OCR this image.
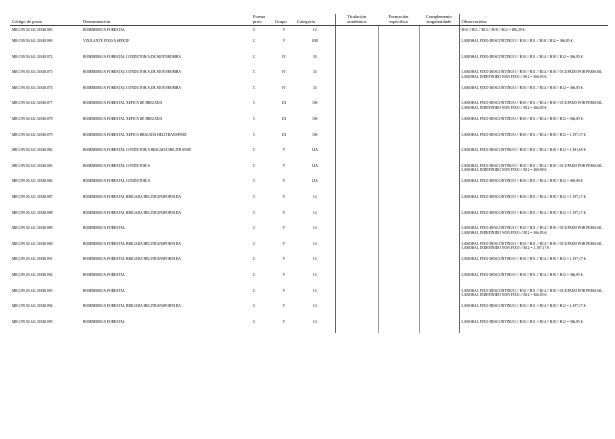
Código de posto	Denominación	Forma prov.	Grupo	Categoría	Titulación académica	Formación específica	Complemento singularidade	Observacións
MR.C99.50.141.31848.065	BOMBEIRO/A FORESTAL	C	V	14				B10 // B11 // B14 // B18 // B12 = 486,29 €.
MR.C99.50.141.31848.069	VIXILANTE FIXO/A SPDCIF	C	V	10B				LABORAL FIXO-DESCONTINUO // B10 // B11 // B18 // B12 = 366,85 €.
MR.C99.50.141.31848.072	BOMBEIRO/A FORESTAL CONDUTOR/A DE MOTOBOMBA	C	IV	33				LABORAL FIXO-DESCONTINUO // B10 // B11 // B14 // B18 // B12 = 366,85 €.
MR.C99.50.141.31848.073	BOMBEIRO/A FORESTAL CONDUTOR/A DE MOTOBOMBA	C	IV	33				LABORAL FIXO-DESCONTINUO // B10 // B11 // B14 // B18 // OCUPADO POR PERSOAL LABORAL INDEFINIDO NON FIXO // B12 = 366,85 €.
MR.C99.50.141.31848.074	BOMBEIRO/A FORESTAL CONDUTOR/A DE MOTOBOMBA	C	IV	33				LABORAL FIXO-DESCONTINUO // B10 // B11 // B14 // B18 // B12 = 366,85 €.
MR.C99.50.141.31848.077	BOMBEIRO/A FORESTAL XEFE/A DE BRIGADA	C	III	100				LABORAL FIXO-DESCONTINUO // B10 // B11 // B14 // B18 // OCUPADO POR PERSOAL LABORAL INDEFINIDO NON FIXO // B12 = 366,85 €.
MR.C99.50.141.31848.078	BOMBEIRO/A FORESTAL XEFE/A DE BRIGADA	C	III	100				LABORAL FIXO-DESCONTINUO // B10 // B11 // B14 // B18 // B12 = 366,85 €.
MR.C99.50.141.31848.079	BOMBEIRO/A FORESTAL XEFE/A BRIGADA HELITRANSPORT.	C	III	100				LABORAL FIXO-DESCONTINUO // B10 // B11 // B14 // B18 // B12 = 1.197,17 €.
MR.C99.50.141.31848.082	BOMBEIRO/A FORESTAL CONDUTOR/A BRIGADA HELITRANSF.	C	V	14A				LABORAL FIXO-DESCONTINUO // B10 // B11 // B14 // B18 // B12 = 1.381,65 €.
MR.C99.50.141.31848.083	BOMBEIRO/A FORESTAL CONDUTOR/A	C	V	14A				LABORAL FIXO-DESCONTINUO // B10 // B11 // B14 // B18 // OCUPADO POR PERSOAL LABORAL INDEFINIDO NON FIXO // B12 = 469,80 €.
MR.C99.50.141.31848.084	BOMBEIRO/A FORESTAL CONDUTOR/A	C	V	14A				LABORAL FIXO-DESCONTINUO // B10 // B11 // B14 // B18 // B12 = 469,80 €.
MR.C99.50.141.31848.087	BOMBEIRO/A FORESTAL BRIGADA HELITRANSPORTADA	C	V	14				LABORAL FIXO-DESCONTINUO // B10 // B11 // B14 // B18 // B12 = 1.197,17 €.
MR.C99.50.141.31848.088	BOMBEIRO/A FORESTAL BRIGADA HELITRANSPORTADA	C	V	14				LABORAL FIXO-DESCONTINUO // B10 // B11 // B14 // B18 // B12 = 1.197,17 €.
MR.C99.50.141.31848.089	BOMBEIRO/A FORESTAL	C	V	14				LABORAL FIXO-DESCONTINUO // B10 // B11 // B14 // B18 // OCUPADO POR PERSOAL LABORAL INDEFINIDO NON FIXO // B12 = 366,85 €.
MR.C99.50.141.31848.090	BOMBEIRO/A FORESTAL BRIGADA HELITRANSPORTADA	C	V	14				LABORAL FIXO-DESCONTINUO // B10 // B11 // B14 // B18 // OCUPADO POR PERSOAL LABORAL INDEFINIDO NON FIXO // B12 = 1.197,17 €.
MR.C99.50.141.31848.091	BOMBEIRO/A FORESTAL BRIGADA HELITRANSPORTADA	C	V	14				LABORAL FIXO-DESCONTINUO // B10 // B11 // B14 // B18 // B12 = 1.197,17 €.
MR.C99.50.141.31848.092	BOMBEIRO/A FORESTAL	C	V	14				LABORAL FIXO-DESCONTINUO // B10 // B11 // B14 // B18 // B12 = 366,85 €.
MR.C99.50.141.31848.093	BOMBEIRO/A FORESTAL	C	V	14				LABORAL FIXO-DESCONTINUO // B10 // B11 // B14 // B18 // OCUPADO POR PERSOAL LABORAL INDEFINIDO NON FIXO // B12 = 366,85 €.
MR.C99.50.141.31848.094	BOMBEIRO/A FORESTAL BRIGADA HELITRANSPORTADA	C	V	14				LABORAL FIXO-DESCONTINUO // B10 // B11 // B14 // B18 // B12 = 1.197,17 €.
MR.C99.50.141.31848.095	BOMBEIRO/A FORESTAL	C	V	14				LABORAL FIXO-DESCONTINUO // B10 // B11 // B14 // B18 // B12 = 366,85 €.
